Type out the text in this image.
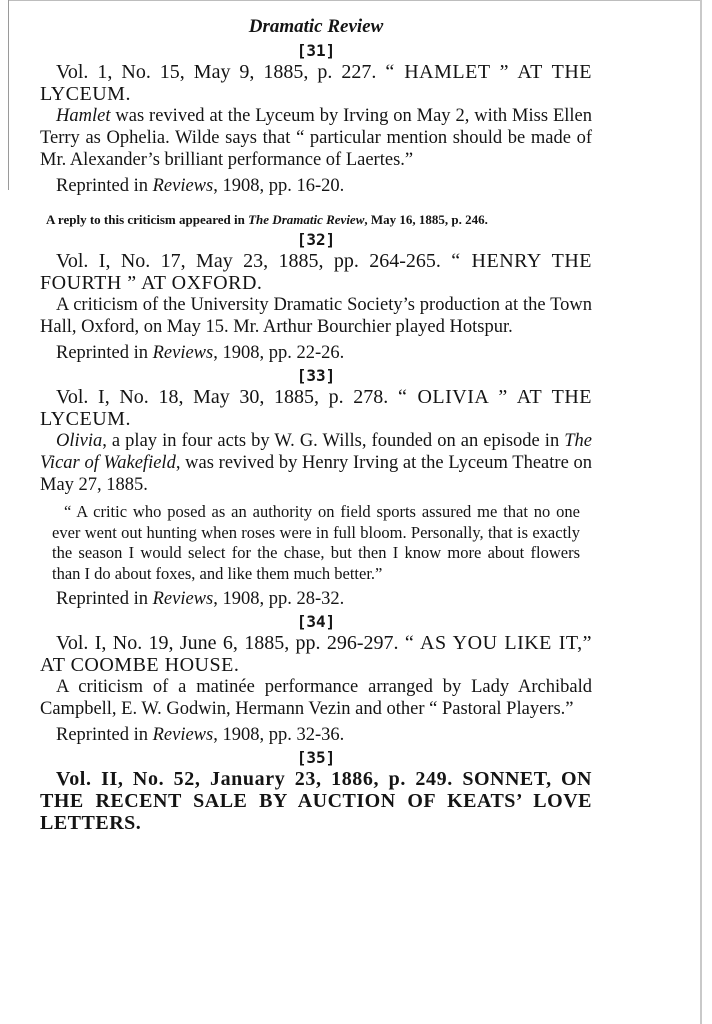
Dramatic Review
[31]

Vol. 1, No. 15, May 9, 1885, p. 227. “ HAMLET ” AT THE LYCEUM.

Hamlet was revived at the Lyceum by Irving on May 2, with Miss Ellen Terry as Ophelia. Wilde says that “ particular mention should be made of Mr. Alexander’s brilliant performance of Laertes.”

Reprinted in Reviews, 1908, pp. 16-20.

A reply to this criticism appeared in The Dramatic Review, May 16, 1885, p. 246.

[32]

Vol. I, No. 17, May 23, 1885, pp. 264-265. “ HENRY THE FOURTH ” AT OXFORD.

A criticism of the University Dramatic Society’s production at the Town Hall, Oxford, on May 15. Mr. Arthur Bourchier played Hotspur.

Reprinted in Reviews, 1908, pp. 22-26.

[33]

Vol. I, No. 18, May 30, 1885, p. 278. “ OLIVIA ” AT THE LYCEUM.

Olivia, a play in four acts by W. G. Wills, founded on an episode in The Vicar of Wakefield, was revived by Henry Irving at the Lyceum Theatre on May 27, 1885.

“ A critic who posed as an authority on field sports assured me that no one ever went out hunting when roses were in full bloom. Personally, that is exactly the season I would select for the chase, but then I know more about flowers than I do about foxes, and like them much better.”

Reprinted in Reviews, 1908, pp. 28-32.

[34]

Vol. I, No. 19, June 6, 1885, pp. 296-297. “ AS YOU LIKE IT,” AT COOMBE HOUSE.

A criticism of a matinée performance arranged by Lady Archibald Campbell, E. W. Godwin, Hermann Vezin and other “ Pastoral Players.”

Reprinted in Reviews, 1908, pp. 32-36.

[35]

Vol. II, No. 52, January 23, 1886, p. 249. SONNET, ON THE RECENT SALE BY AUCTION OF KEATS’ LOVE LETTERS.
